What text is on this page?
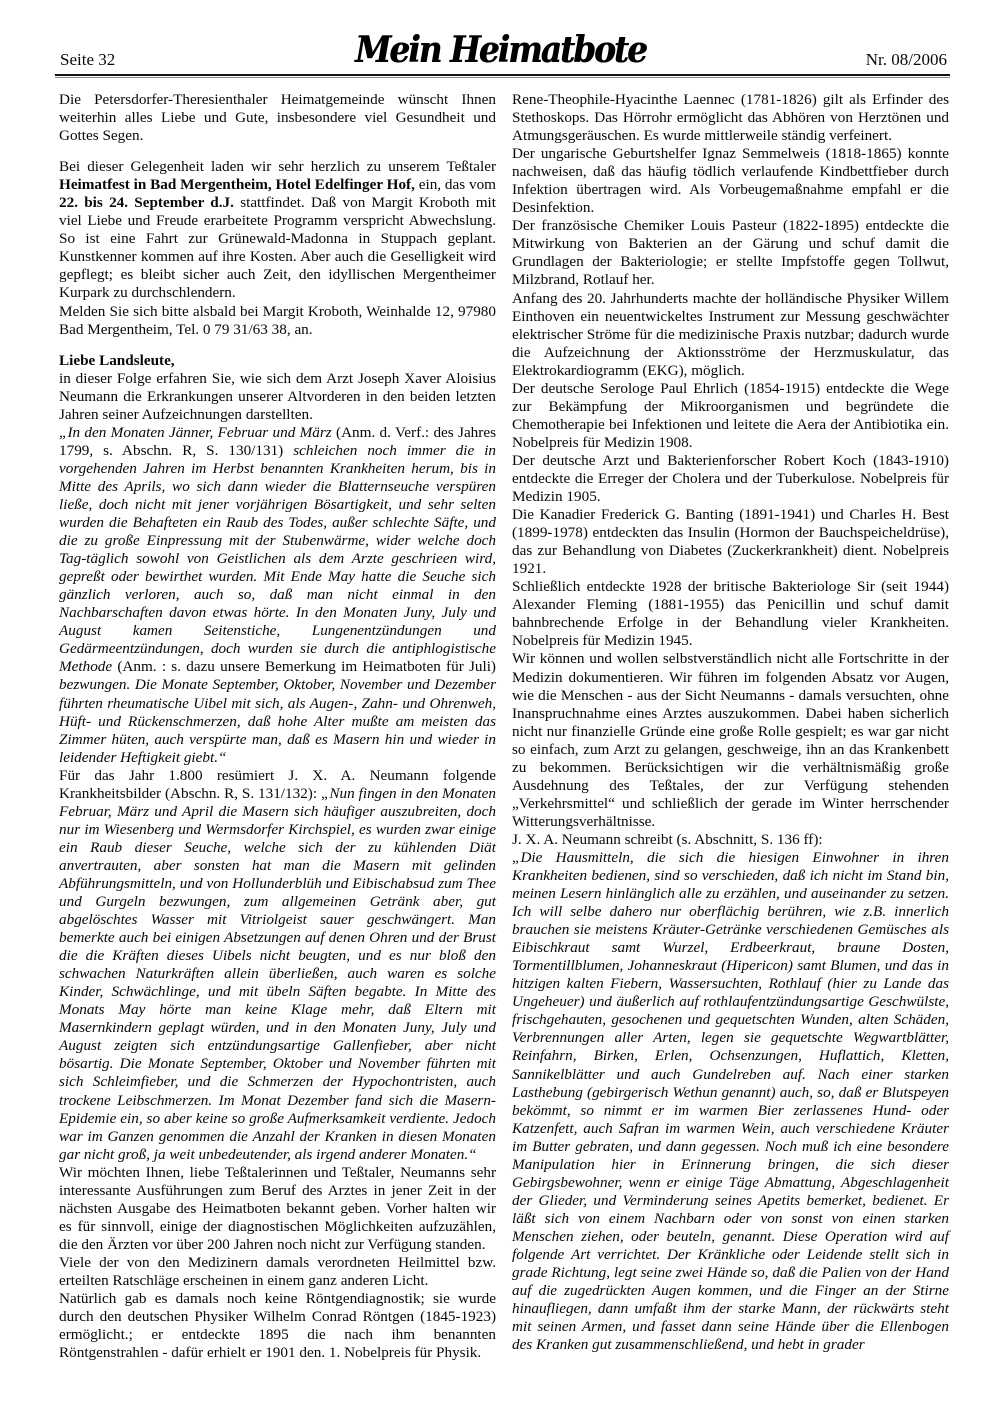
Seite 32	Mein Heimatbote	Nr. 08/2006

Die Petersdorfer-Theresienthaler Heimatgemeinde wünscht Ihnen weiterhin alles Liebe und Gute, insbesondere viel Gesundheit und Gottes Segen.

Bei dieser Gelegenheit laden wir sehr herzlich zu unserem Teßtaler Heimatfest in Bad Mergentheim, Hotel Edelfinger Hof, ein, das vom 22. bis 24. September d.J. stattfindet. Daß von Margit Kroboth mit viel Liebe und Freude erarbeitete Programm verspricht Abwechslung. So ist eine Fahrt zur Grünewald-Madonna in Stuppach geplant. Kunstkenner kommen auf ihre Kosten. Aber auch die Geselligkeit wird gepflegt; es bleibt sicher auch Zeit, den idyllischen Mergentheimer Kurpark zu durchschlendern.

Melden Sie sich bitte alsbald bei Margit Kroboth, Weinhalde 12, 97980 Bad Mergentheim, Tel. 0 79 31/63 38, an.

Liebe Landsleute,

in dieser Folge erfahren Sie, wie sich dem Arzt Joseph Xaver Aloisius Neumann die Erkrankungen unserer Altvorderen in den beiden letzten Jahren seiner Aufzeichnungen darstellten.

„In den Monaten Jänner, Februar und März (Anm. d. Verf.: des Jahres 1799, s. Abschn. R, S. 130/131) schleichen noch immer die in vorgehenden Jahren im Herbst benannten Krankheiten herum, bis in Mitte des Aprils, wo sich dann wieder die Blatternseuche verspüren ließe, doch nicht mit jener vorjährigen Bösartigkeit, und sehr selten wurden die Behafteten ein Raub des Todes, außer schlechte Säfte, und die zu große Einpressung mit der Stubenwärme, wider welche doch Tag-täglich sowohl von Geistlichen als dem Arzte geschrieen wird, gepreßt oder bewirthet wurden. Mit Ende May hatte die Seuche sich gänzlich verloren, auch so, daß man nicht einmal in den Nachbarschaften davon etwas hörte. In den Monaten Juny, July und August kamen Seitenstiche, Lungenentzündungen und Gedärmeentzündungen, doch wurden sie durch die antiphlogistische Methode (Anm. : s. dazu unsere Bemerkung im Heimatboten für Juli) bezwungen. Die Monate September, Oktober, November und Dezember führten rheumatische Uibel mit sich, als Augen-, Zahn- und Ohrenweh, Hüft- und Rückenschmerzen, daß hohe Alter mußte am meisten das Zimmer hüten, auch verspürte man, daß es Masern hin und wieder in leidender Heftigkeit giebt.“

Für das Jahr 1.800 resümiert J. X. A. Neumann folgende Krankheitsbilder (Abschn. R, S. 131/132): „Nun fingen in den Monaten Februar, März und April die Masern sich häufiger auszubreiten, doch nur im Wiesenberg und Wermsdorfer Kirchspiel, es wurden zwar einige ein Raub dieser Seuche, welche sich der zu kühlenden Diät anvertrauten, aber sonsten hat man die Masern mit gelinden Abführungsmitteln, und von Hollunderblüh und Eibischabsud zum Thee und Gurgeln bezwungen, zum allgemeinen Getränk aber, gut abgelöschtes Wasser mit Vitriolgeist sauer geschwängert. Man bemerkte auch bei einigen Absetzungen auf denen Ohren und der Brust die die Kräften dieses Uibels nicht beugten, und es nur bloß den schwachen Naturkräften allein überließen, auch waren es solche Kinder, Schwächlinge, und mit übeln Säften begabte. In Mitte des Monats May hörte man keine Klage mehr, daß Eltern mit Masernkindern geplagt würden, und in den Monaten Juny, July und August zeigten sich entzündungsartige Gallenfieber, aber nicht bösartig. Die Monate September, Oktober und November führten mit sich Schleimfieber, und die Schmerzen der Hypochontristen, auch trockene Leibschmerzen. Im Monat Dezember fand sich die Masern-Epidemie ein, so aber keine so große Aufmerksamkeit verdiente. Jedoch war im Ganzen genommen die Anzahl der Kranken in diesen Monaten gar nicht groß, ja weit unbedeutender, als irgend anderer Monaten.“

Wir möchten Ihnen, liebe Teßtalerinnen und Teßtaler, Neumanns sehr interessante Ausführungen zum Beruf des Arztes in jener Zeit in der nächsten Ausgabe des Heimatboten bekannt geben. Vorher halten wir es für sinnvoll, einige der diagnostischen Möglichkeiten aufzuzählen, die den Ärzten vor über 200 Jahren noch nicht zur Verfügung standen.

Viele der von den Medizinern damals verordneten Heilmittel bzw. erteilten Ratschläge erscheinen in einem ganz anderen Licht.

Natürlich gab es damals noch keine Röntgendiagnostik; sie wurde durch den deutschen Physiker Wilhelm Conrad Röntgen (1845-1923) ermöglicht.; er entdeckte 1895 die nach ihm benannten Röntgenstrahlen - dafür erhielt er 1901 den. 1. Nobelpreis für Physik.

Rene-Theophile-Hyacinthe Laennec (1781-1826) gilt als Erfinder des Stethoskops. Das Hörrohr ermöglicht das Abhören von Herztönen und Atmungsgeräuschen. Es wurde mittlerweile ständig verfeinert.

Der ungarische Geburtshelfer Ignaz Semmelweis (1818-1865) konnte nachweisen, daß das häufig tödlich verlaufende Kindbettfieber durch Infektion übertragen wird. Als Vorbeugemaßnahme empfahl er die Desinfektion.

Der französische Chemiker Louis Pasteur (1822-1895) entdeckte die Mitwirkung von Bakterien an der Gärung und schuf damit die Grundlagen der Bakteriologie; er stellte Impfstoffe gegen Tollwut, Milzbrand, Rotlauf her.

Anfang des 20. Jahrhunderts machte der holländische Physiker Willem Einthoven ein neuentwickeltes Instrument zur Messung geschwächter elektrischer Ströme für die medizinische Praxis nutzbar; dadurch wurde die Aufzeichnung der Aktionsströme der Herzmuskulatur, das Elektrokardiogramm (EKG), möglich.

Der deutsche Serologe Paul Ehrlich (1854-1915) entdeckte die Wege zur Bekämpfung der Mikroorganismen und begründete die Chemotherapie bei Infektionen und leitete die Aera der Antibiotika ein. Nobelpreis für Medizin 1908.

Der deutsche Arzt und Bakterienforscher Robert Koch (1843-1910) entdeckte die Erreger der Cholera und der Tuberkulose. Nobelpreis für Medizin 1905.

Die Kanadier Frederick G. Banting (1891-1941) und Charles H. Best (1899-1978) entdeckten das Insulin (Hormon der Bauchspeicheldrüse), das zur Behandlung von Diabetes (Zuckerkrankheit) dient. Nobelpreis 1921.

Schließlich entdeckte 1928 der britische Bakteriologe Sir (seit 1944) Alexander Fleming (1881-1955) das Penicillin und schuf damit bahnbrechende Erfolge in der Behandlung vieler Krankheiten. Nobelpreis für Medizin 1945.

Wir können und wollen selbstverständlich nicht alle Fortschritte in der Medizin dokumentieren. Wir führen im folgenden Absatz vor Augen, wie die Menschen - aus der Sicht Neumanns - damals versuchten, ohne Inanspruchnahme eines Arztes auszukommen. Dabei haben sicherlich nicht nur finanzielle Gründe eine große Rolle gespielt; es war gar nicht so einfach, zum Arzt zu gelangen, geschweige, ihn an das Krankenbett zu bekommen. Berücksichtigen wir die verhältnismäßig große Ausdehnung des Teßtales, der zur Verfügung stehenden „Verkehrsmittel“ und schließlich der gerade im Winter herrschender Witterungsverhältnisse.

J. X. A. Neumann schreibt (s. Abschnitt, S. 136 ff):

„Die Hausmitteln, die sich die hiesigen Einwohner in ihren Krankheiten bedienen, sind so verschieden, daß ich nicht im Stand bin, meinen Lesern hinlänglich alle zu erzählen, und auseinander zu setzen. Ich will selbe dahero nur oberflächig berühren, wie z.B. innerlich brauchen sie meistens Kräuter-Getränke verschiedenen Gemüsches als Eibischkraut samt Wurzel, Erdbeerkraut, braune Dosten, Tormentillblumen, Johanneskraut (Hipericon) samt Blumen, und das in hitzigen kalten Fiebern, Wassersuchten, Rothlauf (hier zu Lande das Ungeheuer) und äußerlich auf rothlaufentzündungsartige Geschwülste, frischgehauten, gesochenen und gequetschten Wunden, alten Schäden, Verbrennungen aller Arten, legen sie gequetschte Wegwartblätter, Reinfahrn, Birken, Erlen, Ochsenzungen, Huflattich, Kletten, Sannikelblätter und auch Gundelreben auf. Nach einer starken Lasthebung (gebirgerisch Wethun genannt) auch, so, daß er Blutspeyen bekömmt, so nimmt er im warmen Bier zerlassenes Hund- oder Katzenfett, auch Safran im warmen Wein, auch verschiedene Kräuter im Butter gebraten, und dann gegessen. Noch muß ich eine besondere Manipulation hier in Erinnerung bringen, die sich dieser Gebirgsbewohner, wenn er einige Täge Abmattung, Abgeschlagenheit der Glieder, und Verminderung seines Apetits bemerket, bedienet. Er läßt sich von einem Nachbarn oder von sonst von einen starken Menschen ziehen, oder beuteln, genannt. Diese Operation wird auf folgende Art verrichtet. Der Kränkliche oder Leidende stellt sich in grade Richtung, legt seine zwei Hände so, daß die Palien von der Hand auf die zugedrückten Augen kommen, und die Finger an der Stirne hinaufliegen, dann umfaßt ihm der starke Mann, der rückwärts steht mit seinen Armen, und fasset dann seine Hände über die Ellenbogen des Kranken gut zusammenschließend, und hebt in grader
